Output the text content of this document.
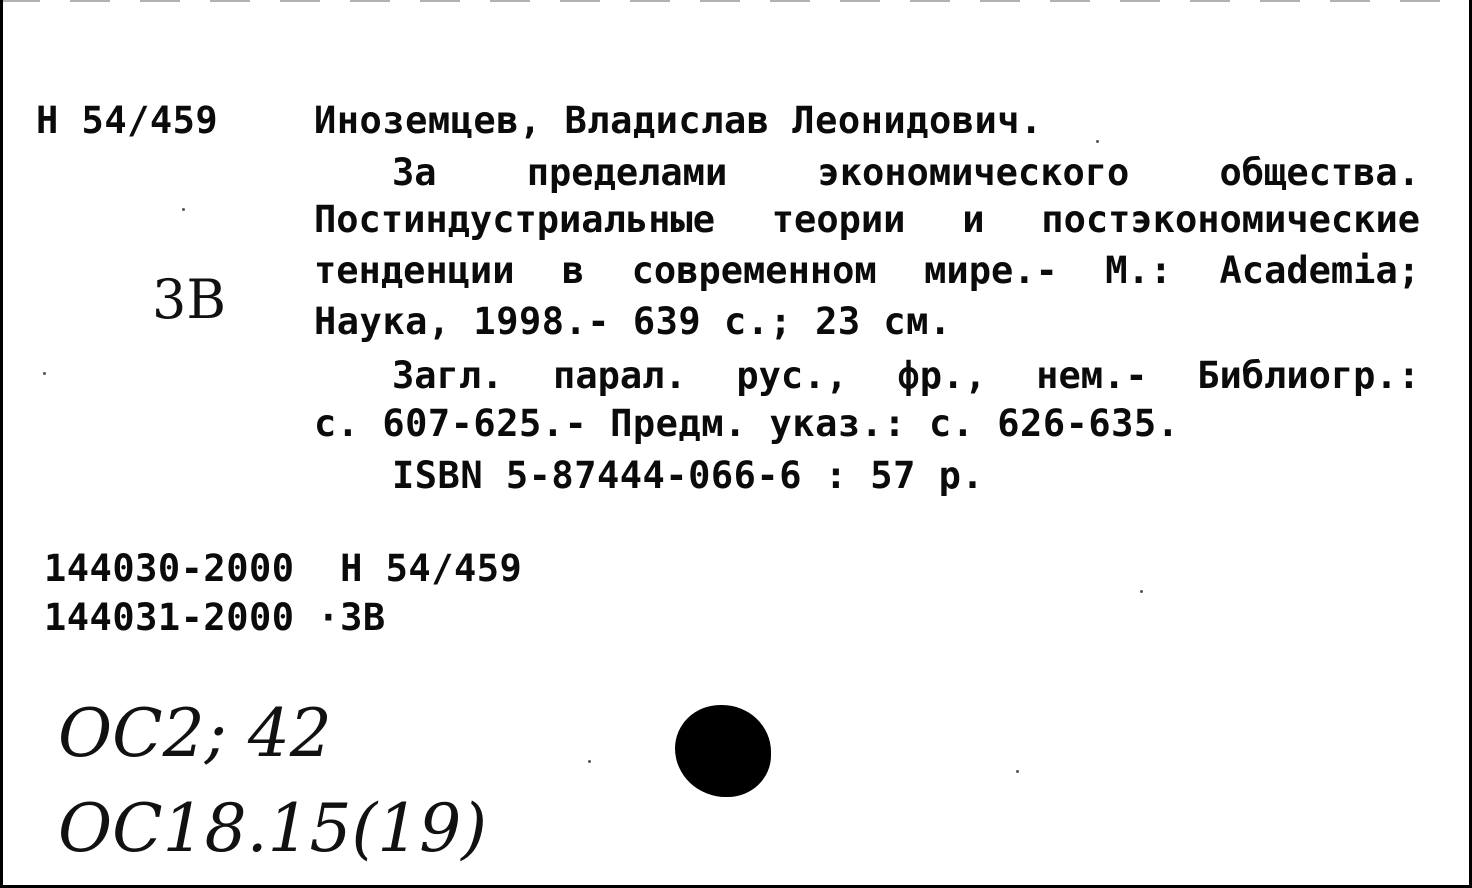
Н 54/459
3В
Иноземцев, Владислав Леонидович.
За пределами экономического общества.
Постиндустриальные теории и постэкономические
тенденции в современном мире.- М.: Academia;
Наука, 1998.- 639 с.; 23 см.
Загл. парал. рус., фр., нем.- Библиогр.:
с. 607-625.- Предм. указ.: с. 626-635.
ISBN 5-87444-066-6 : 57 р.
144030-2000  Н 54/459
144031-2000 ·3В
ОС2; 42
ОС18.15(19)
